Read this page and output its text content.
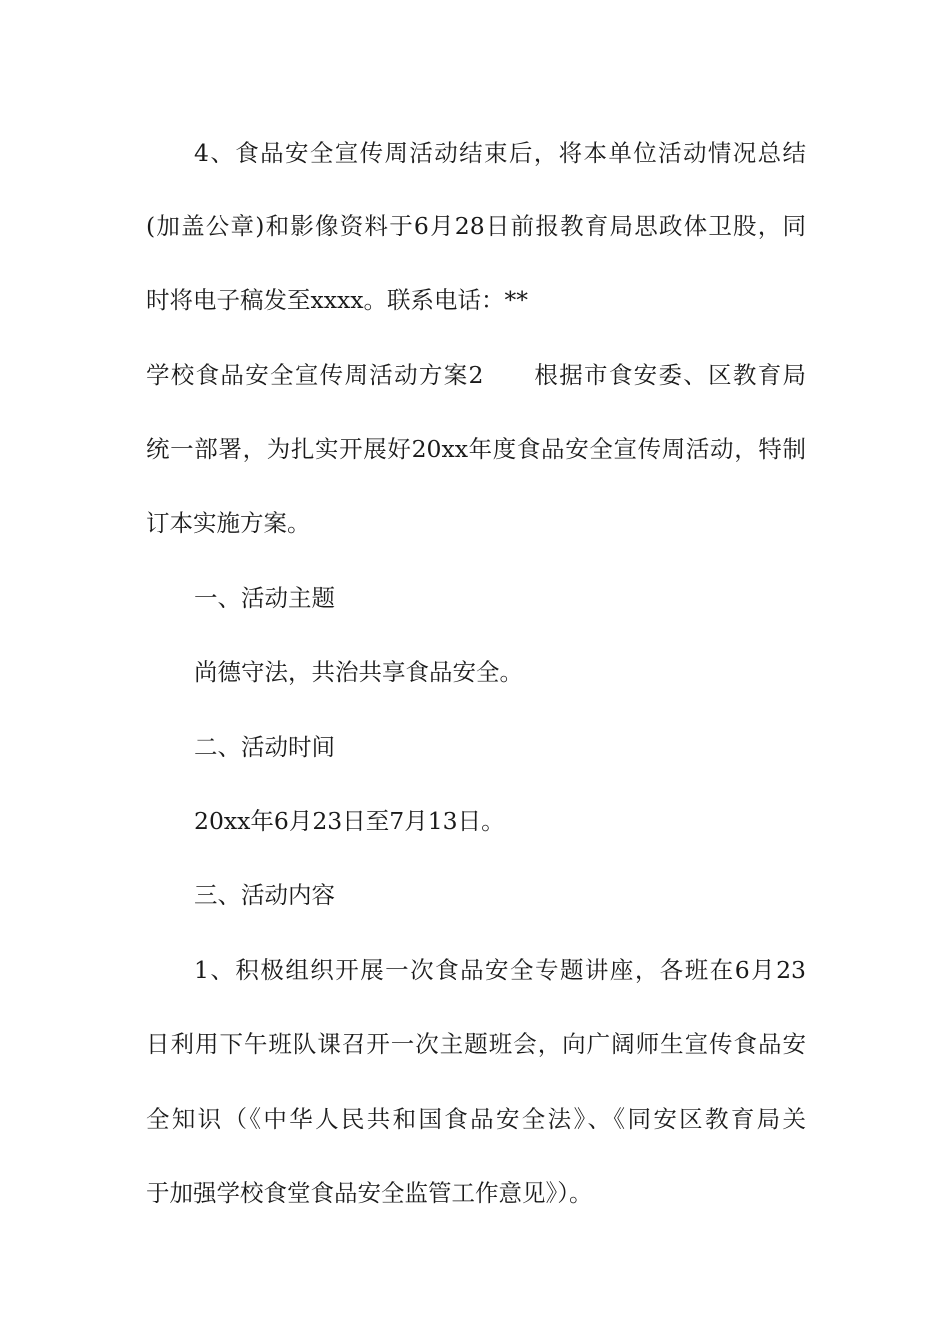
4、食品安全宣传周活动结束后，将本单位活动情况总结
(加盖公章)和影像资料于6月28日前报教育局思政体卫股，同
时将电子稿发至xxxx。联系电话：**
学校食品安全宣传周活动方案2　　根据市食安委、区教育局
统一部署，为扎实开展好20xx年度食品安全宣传周活动，特制
订本实施方案。
一、活动主题
尚德守法，共治共享食品安全。
二、活动时间
20xx年6月23日至7月13日。
三、活动内容
1、积极组织开展一次食品安全专题讲座，各班在6月23
日利用下午班队课召开一次主题班会，向广阔师生宣传食品安
全知识（《中华人民共和国食品安全法》、《同安区教育局关
于加强学校食堂食品安全监管工作意见》）。
